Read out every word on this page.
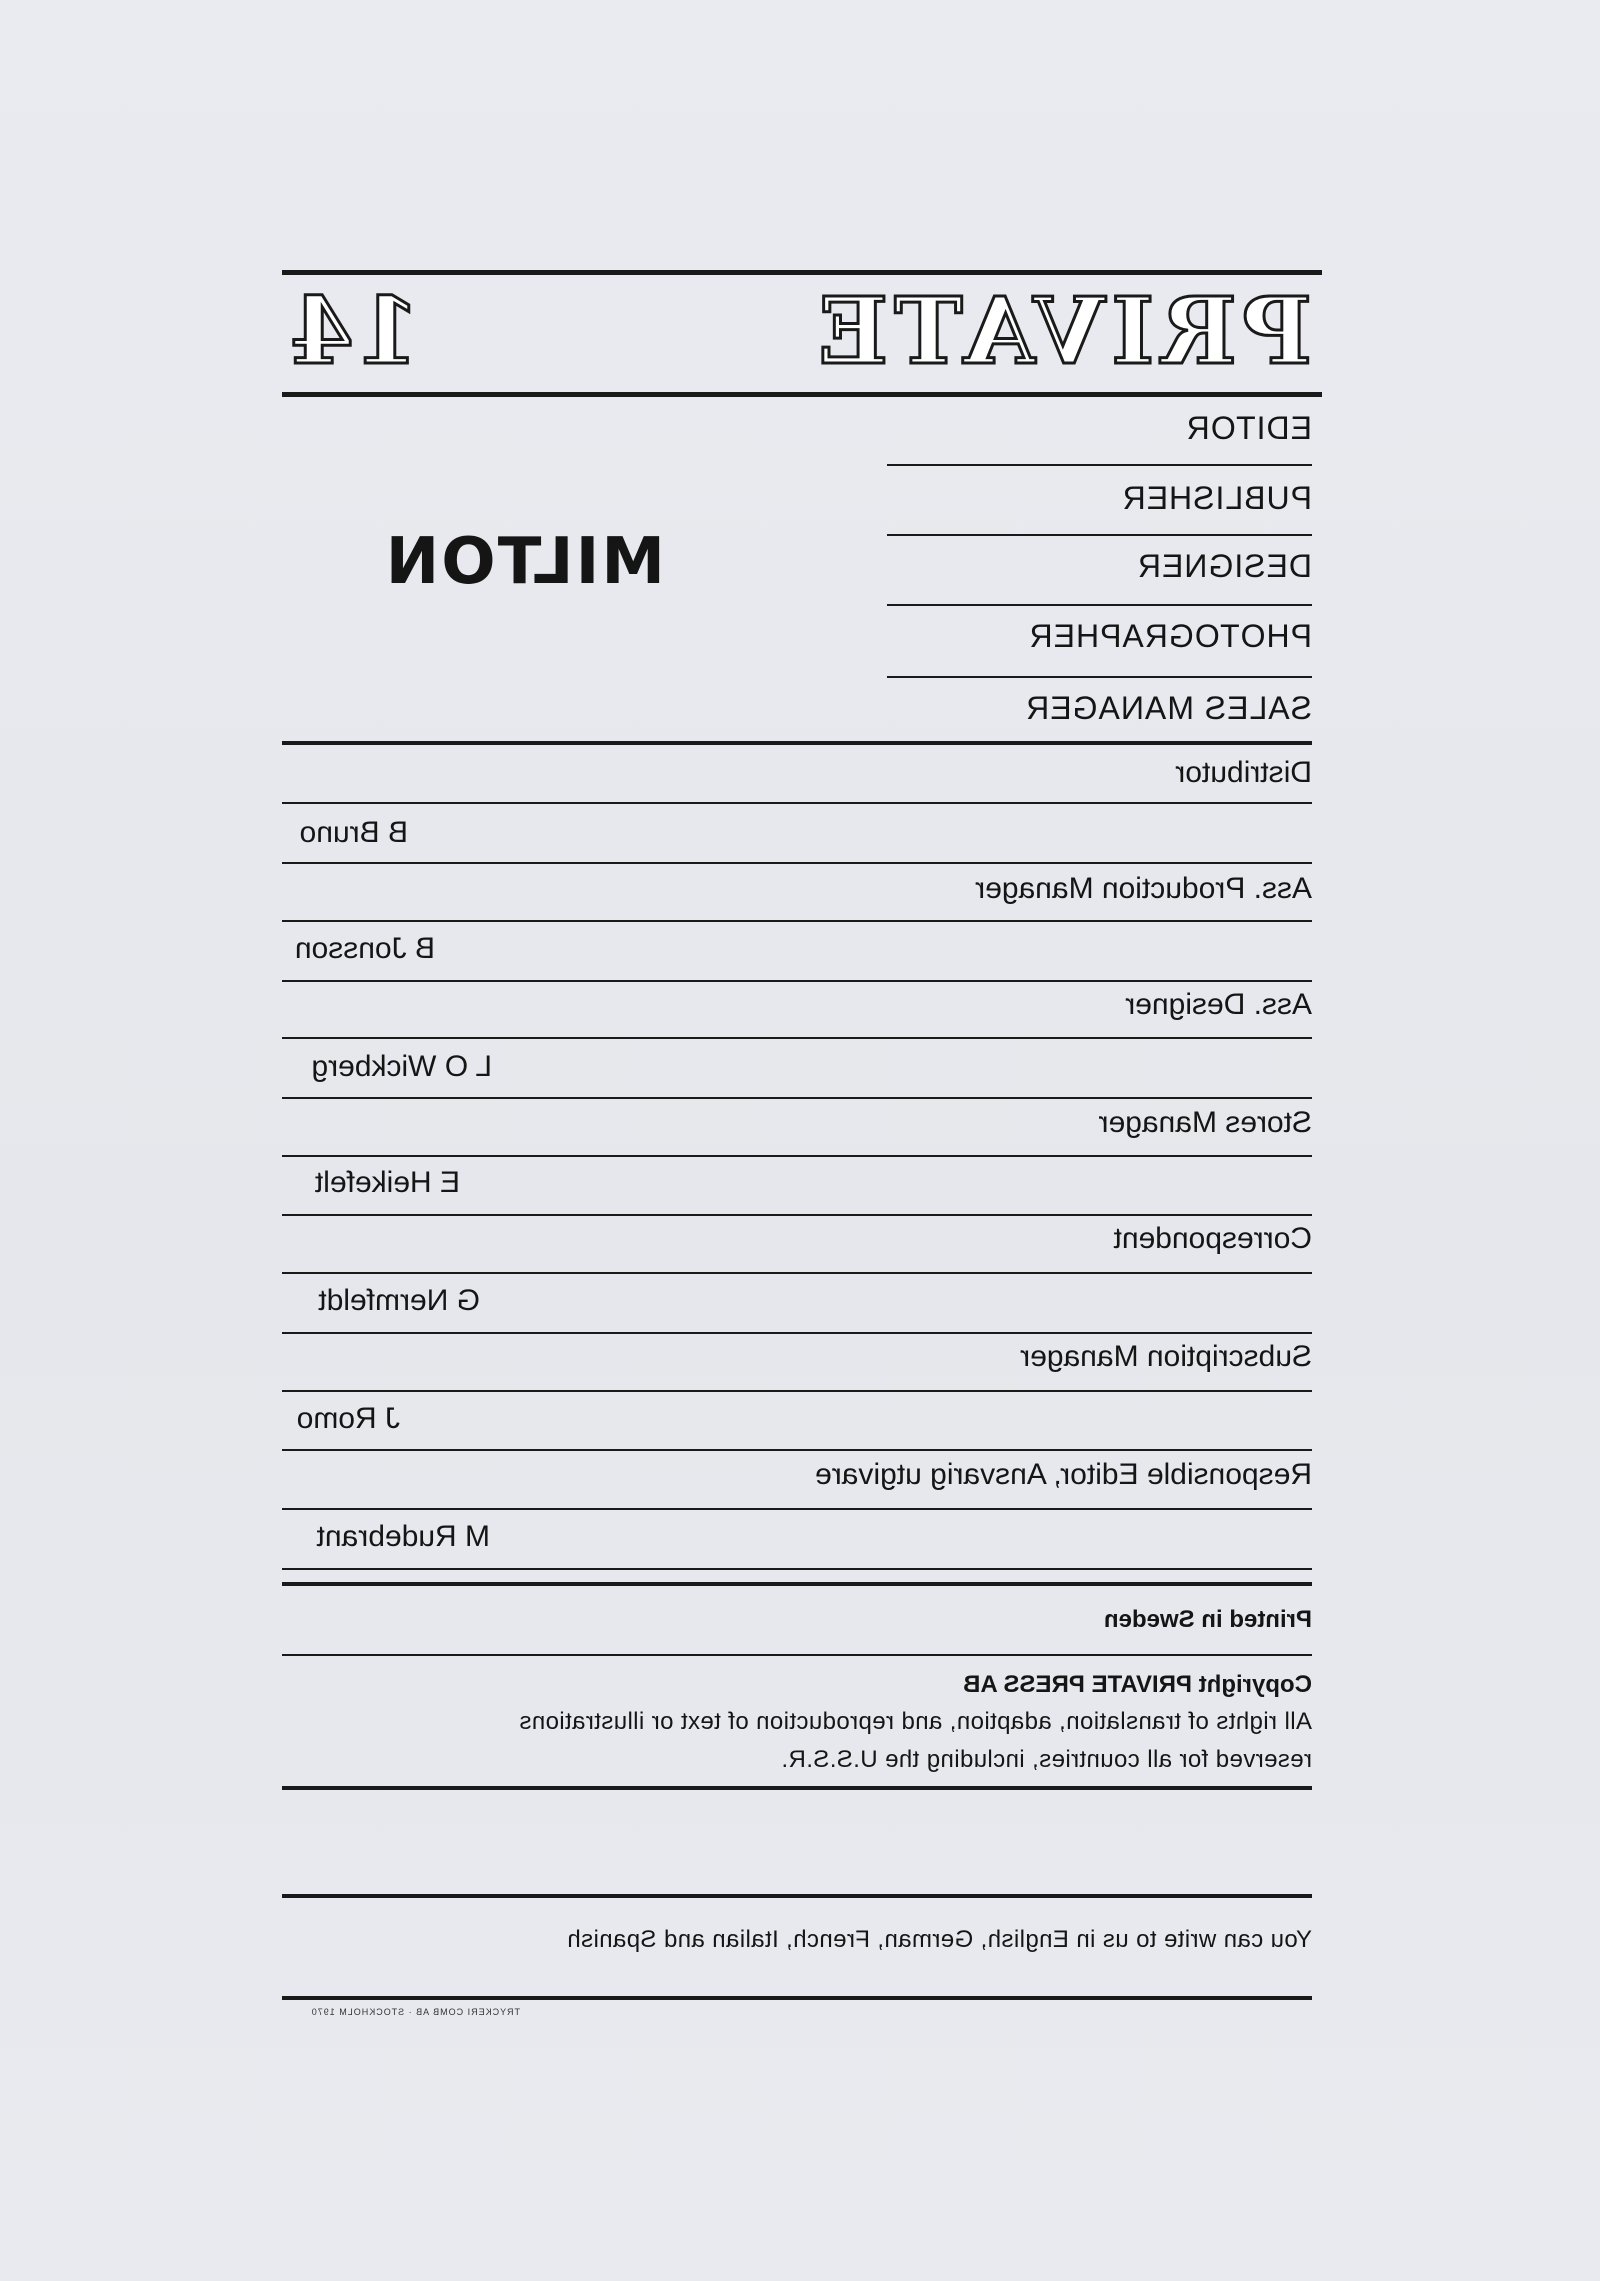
PRIVATE
14
EDITOR
PUBLISHER
DESIGNER
PHOTOGRAPHER
SALES MANAGER
MILTON
Distributor
B Bruno
Ass. Production Manager
B Jonsson
Ass. Designer
L O Wickberg
Stores Manager
E Heikefelt
Correspondent
G Nermfeldt
Subscription Manager
J Romo
Responsible Editor, Ansvarig utgivare
M Rudebrant
Printed in Sweden
Copyright PRIVATE PRESS AB
All rights of translation, adaption, and reproduction of text or illustrations
reserved for all countries, including the U.S.S.R.
You can write to us in English, German, French, Italian and Spanish
TRYCKERI COMB AB · STOCKHOLM 1970
